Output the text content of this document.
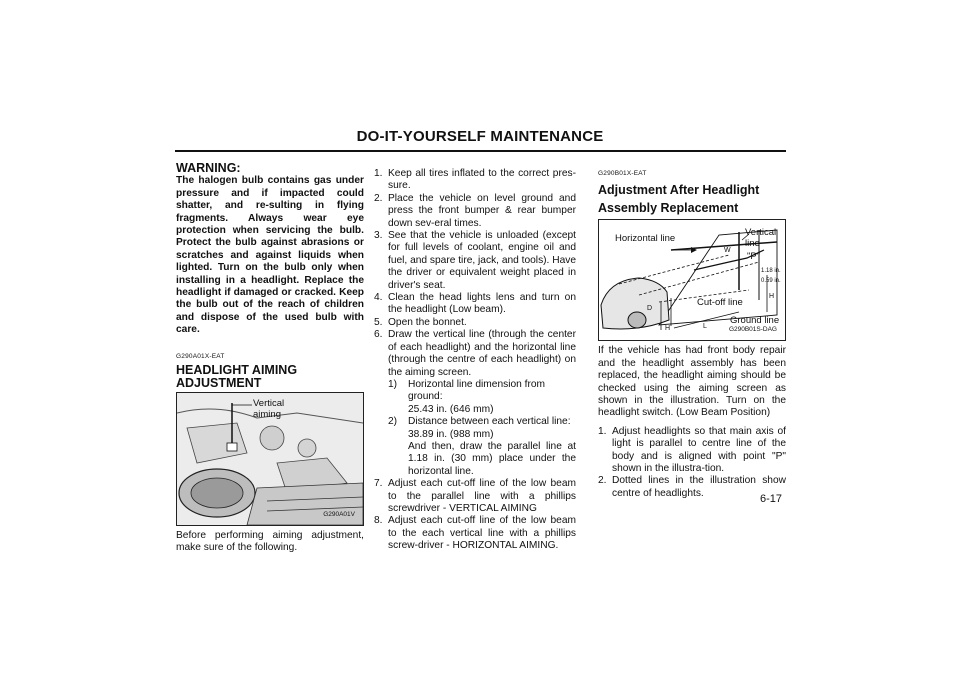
DO-IT-YOURSELF MAINTENANCE
WARNING:
The halogen bulb contains gas under pressure and if impacted could shatter, and re-sulting in flying fragments. Always wear eye protection when servicing the bulb. Protect the bulb against abrasions or scratches and against liquids when lighted. Turn on the bulb only when installing in a headlight. Replace the headlight if damaged or cracked. Keep the bulb out of the reach of children and dispose of the used bulb with care.
G290A01X-EAT
HEADLIGHT AIMING ADJUSTMENT
Vertical
aiming
G290A01V
Before performing aiming adjustment, make sure of the following.
1. Keep all tires inflated to the correct pres-sure.
2. Place the vehicle on level ground and press the front bumper & rear bumper down sev-eral times.
3. See that the vehicle is unloaded (except for full levels of coolant, engine oil and fuel, and spare tire, jack, and tools). Have the driver or equivalent weight placed in driver's seat.
4. Clean the head lights lens and turn on the headlight (Low beam).
5. Open the bonnet.
6. Draw the vertical line (through the center of each headlight) and the horizontal line (through the centre of each headlight) on the aiming screen.
1)	Horizontal line dimension from ground:
25.43 in. (646 mm)
2)	Distance between each vertical line:
38.89 in. (988 mm)
And then, draw the parallel line at 1.18 in. (30 mm) place under the horizontal line.
7. Adjust each cut-off line of the low beam to the parallel line with a phillips screwdriver - VERTICAL AIMING
8. Adjust each cut-off line of the low beam to the each vertical line with a phillips screw-driver - HORIZONTAL AIMING.
G290B01X-EAT
Adjustment After Headlight Assembly Replacement
Horizontal line
Vertical
line
"P"
W
1.18 in.
0.59 in.
H
Cut-off line
D
H	L
Ground line
G290B01S-DAG
If the vehicle has had front body repair and the headlight assembly has been replaced, the headlight aiming should be checked using the aiming screen as shown in the illustration. Turn on the headlight switch. (Low Beam Position)
1. Adjust headlights so that main axis of light is parallel to centre line of the body and is aligned with point "P" shown in the illustra-tion.
2. Dotted lines in the illustration show centre of headlights.	6-17
